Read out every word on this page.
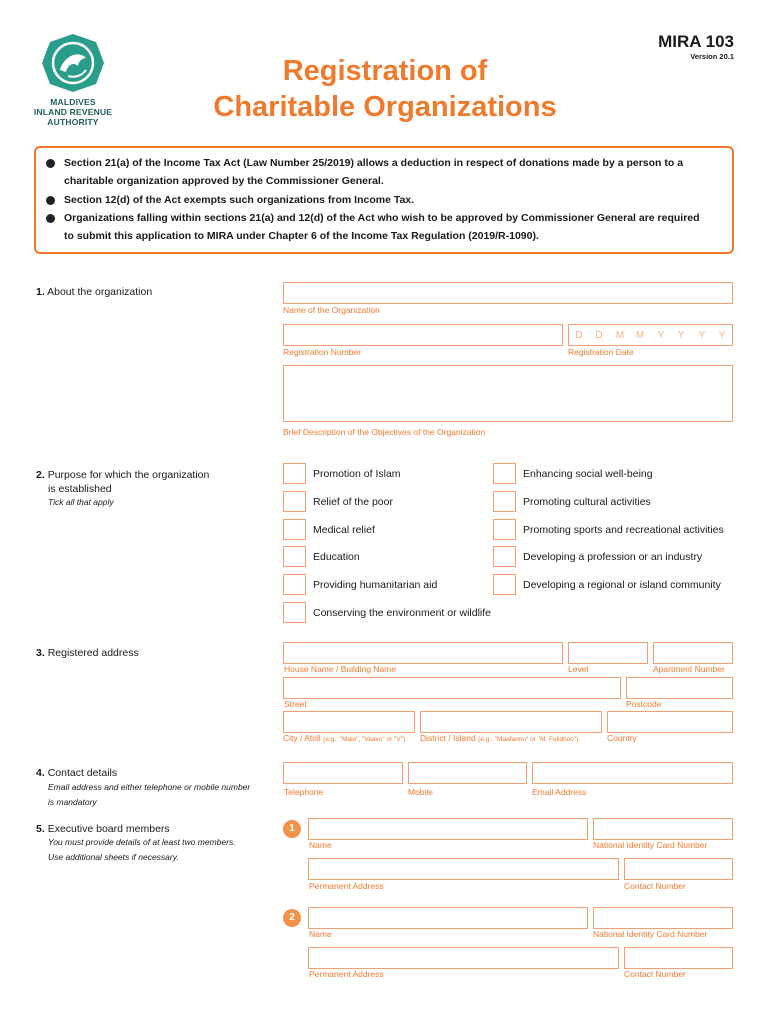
MALDIVES
INLAND REVENUE
AUTHORITY
Registration of
Charitable Organizations
MIRA 103
Version 20.1
Section 21(a) of the Income Tax Act (Law Number 25/2019) allows a deduction in respect of donations made by a person to a
charitable organization approved by the Commissioner General.
Section 12(d) of the Act exempts such organizations from Income Tax.
Organizations falling within sections 21(a) and 12(d) of the Act who wish to be approved by Commissioner General are required
to submit this application to MIRA under Chapter 6 of the Income Tax Regulation (2019/R-1090).
1. About the organization
Name of the Organization
D	D	M	M	Y	Y	Y	Y
Registration Number	Registration Date
Brief Description of the Objectives of the Organization
2. Purpose for which the organization
is established
Tick all that apply
Promotion of Islam
Relief of the poor
Medical relief
Education
Providing humanitarian aid
Conserving the environment or wildlife
Enhancing social well-being
Promoting cultural activities
Promoting sports and recreational activities
Developing a profession or an industry
Developing a regional or island community
3. Registered address
House Name / Building Name	Level	Apartment Number
Street	Postcode
City / Atoll (e.g.: "Male", "Vaavu" or "V") District / Island (e.g.: "Maafannu" or "M. Felidhoo")	Country
4. Contact details
Email address and either telephone or mobile number
is mandatory
Telephone	Mobile	Email Address
5. Executive board members
You must provide details of at least two members.
Use additional sheets if necessary.
1
Name	National Identity Card Number
Permanent Address	Contact Number
2
Name	National Identity Card Number
Permanent Address	Contact Number
